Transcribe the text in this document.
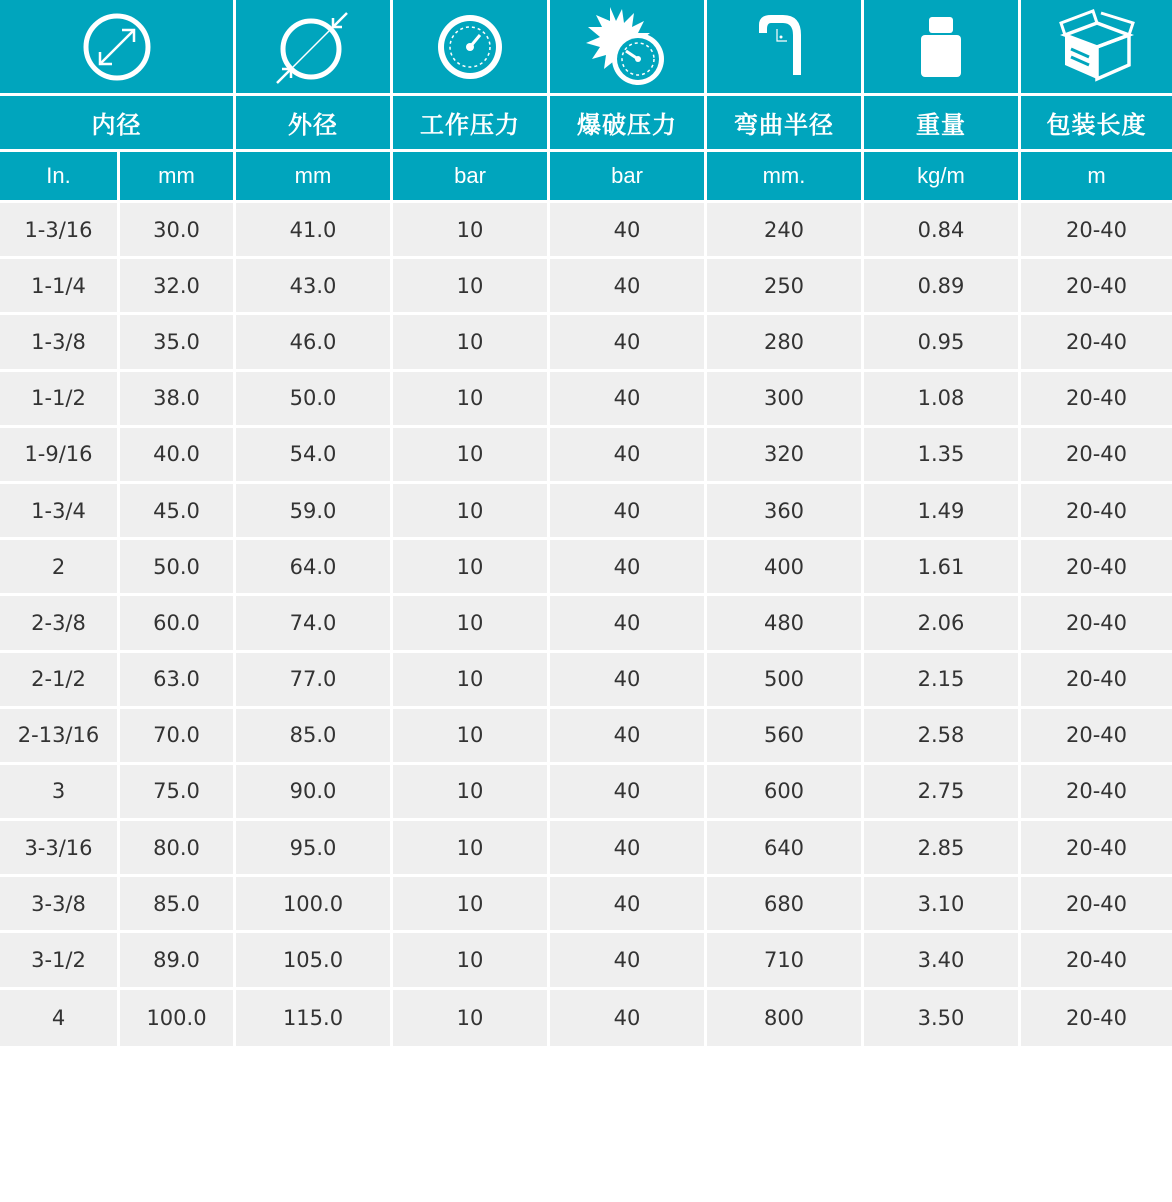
内径		外径	工作压力	爆破压力	弯曲半径	重量	包装长度
In.	mm	mm	bar	bar	mm.	kg/m	m
1-3/16	30.0	41.0	10	40	240	0.84	20-40
1-1/4	32.0	43.0	10	40	250	0.89	20-40
1-3/8	35.0	46.0	10	40	280	0.95	20-40
1-1/2	38.0	50.0	10	40	300	1.08	20-40
1-9/16	40.0	54.0	10	40	320	1.35	20-40
1-3/4	45.0	59.0	10	40	360	1.49	20-40
2	50.0	64.0	10	40	400	1.61	20-40
2-3/8	60.0	74.0	10	40	480	2.06	20-40
2-1/2	63.0	77.0	10	40	500	2.15	20-40
2-13/16	70.0	85.0	10	40	560	2.58	20-40
3	75.0	90.0	10	40	600	2.75	20-40
3-3/16	80.0	95.0	10	40	640	2.85	20-40
3-3/8	85.0	100.0	10	40	680	3.10	20-40
3-1/2	89.0	105.0	10	40	710	3.40	20-40
4	100.0	115.0	10	40	800	3.50	20-40
